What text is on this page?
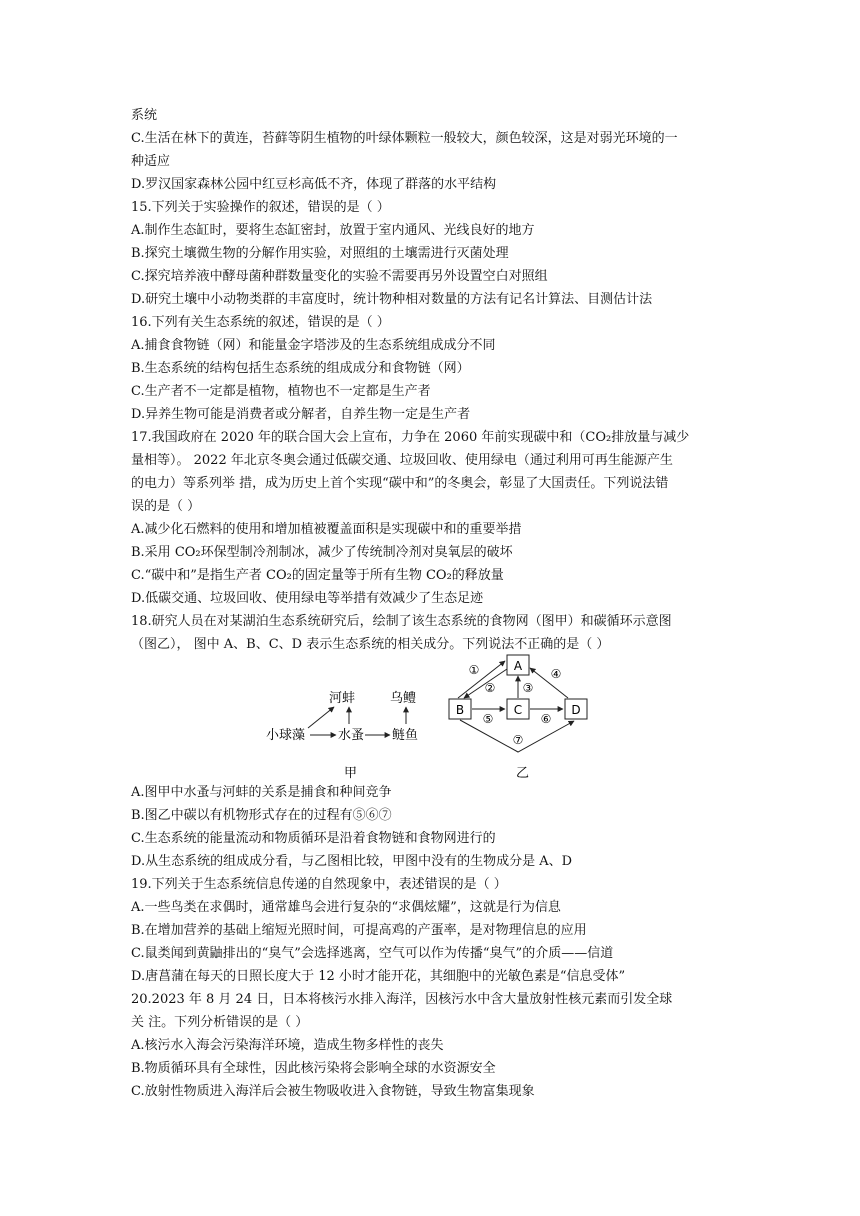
系统
C.生活在林下的黄连，苔藓等阴生植物的叶绿体颗粒一般较大，颜色较深，这是对弱光环境的一
种适应
D.罗汉国家森林公园中红豆杉高低不齐，体现了群落的水平结构
15.下列关于实验操作的叙述，错误的是（ ）
A.制作生态缸时，要将生态缸密封，放置于室内通风、光线良好的地方
B.探究土壤微生物的分解作用实验，对照组的土壤需进行灭菌处理
C.探究培养液中酵母菌种群数量变化的实验不需要再另外设置空白对照组
D.研究土壤中小动物类群的丰富度时，统计物种相对数量的方法有记名计算法、目测估计法
16.下列有关生态系统的叙述，错误的是（ ）
A.捕食食物链（网）和能量金字塔涉及的生态系统组成成分不同
B.生态系统的结构包括生态系统的组成成分和食物链（网）
C.生产者不一定都是植物，植物也不一定都是生产者
D.异养生物可能是消费者或分解者，自养生物一定是生产者
17.我国政府在 2020 年的联合国大会上宣布，力争在 2060 年前实现碳中和（CO₂排放量与减少
量相等）。 2022 年北京冬奥会通过低碳交通、垃圾回收、使用绿电（通过利用可再生能源产生
的电力）等系列举 措，成为历史上首个实现“碳中和”的冬奥会，彰显了大国责任。下列说法错
误的是（ ）
A.减少化石燃料的使用和增加植被覆盖面积是实现碳中和的重要举措
B.采用 CO₂环保型制冷剂制冰，减少了传统制冷剂对臭氧层的破坏
C.“碳中和”是指生产者 CO₂的固定量等于所有生物 CO₂的释放量
D.低碳交通、垃圾回收、使用绿电等举措有效减少了生态足迹
18.研究人员在对某湖泊生态系统研究后，绘制了该生态系统的食物网（图甲）和碳循环示意图
（图乙）， 图中 A、B、C、D 表示生态系统的相关成分。下列说法不正确的是（ ）
河蚌	乌鳢
小球藻	水蚤 鲢鱼
甲
A
B	C	D
①
② ③
④
⑤	⑥
⑦
乙
A.图甲中水蚤与河蚌的关系是捕食和种间竞争
B.图乙中碳以有机物形式存在的过程有⑤⑥⑦
C.生态系统的能量流动和物质循环是沿着食物链和食物网进行的
D.从生态系统的组成成分看，与乙图相比较，甲图中没有的生物成分是 A、D
19.下列关于生态系统信息传递的自然现象中，表述错误的是（ ）
A.一些鸟类在求偶时，通常雄鸟会进行复杂的“求偶炫耀”，这就是行为信息
B.在增加营养的基础上缩短光照时间，可提高鸡的产蛋率，是对物理信息的应用
C.鼠类闻到黄鼬排出的“臭气”会选择逃离，空气可以作为传播“臭气”的介质——信道
D.唐菖蒲在每天的日照长度大于 12 小时才能开花，其细胞中的光敏色素是“信息受体”
20.2023 年 8 月 24 日，日本将核污水排入海洋，因核污水中含大量放射性核元素而引发全球
关 注。下列分析错误的是（ ）
A.核污水入海会污染海洋环境，造成生物多样性的丧失
B.物质循环具有全球性，因此核污染将会影响全球的水资源安全
C.放射性物质进入海洋后会被生物吸收进入食物链，导致生物富集现象
